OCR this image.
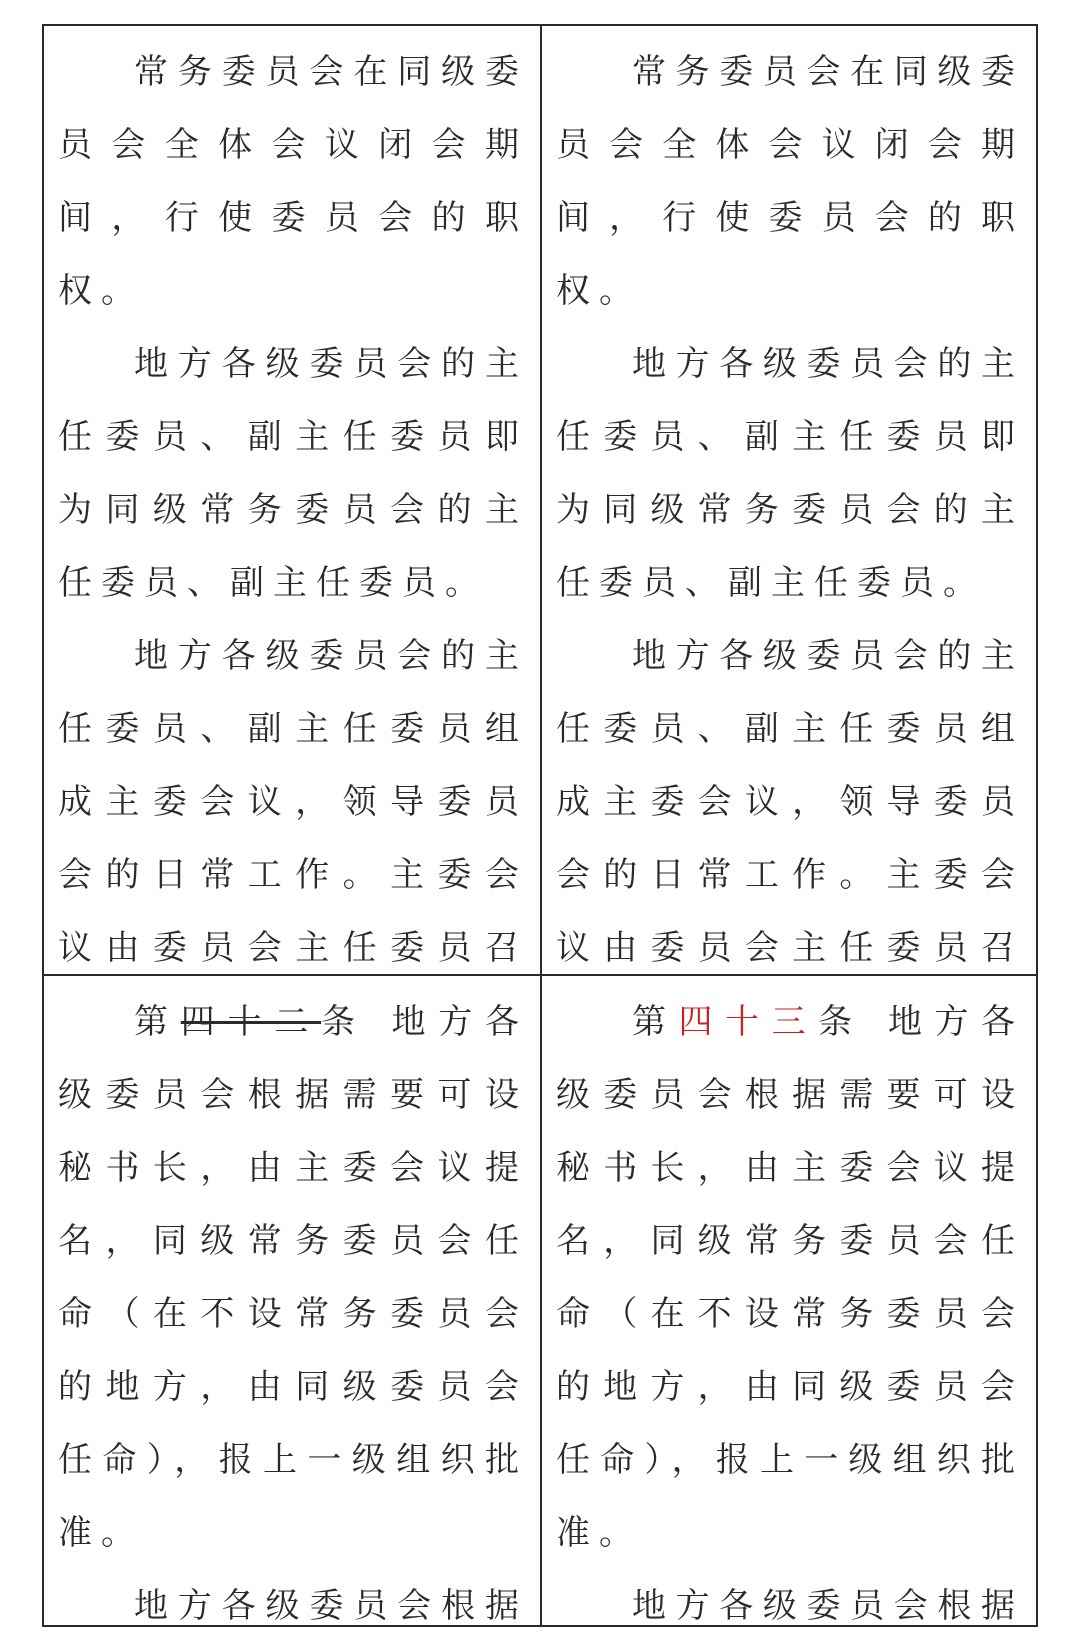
常务委员会在同级委员会全体会议闭会期间，行使委员会的职权。

地方各级委员会的主任委员、副主任委员即为同级常务委员会的主任委员、副主任委员。

地方各级委员会的主任委员、副主任委员组成主委会议，领导委员会的日常工作。主委会议由委员会主任委员召

常务委员会在同级委员会全体会议闭会期间，行使委员会的职权。

地方各级委员会的主任委员、副主任委员即为同级常务委员会的主任委员、副主任委员。

地方各级委员会的主任委员、副主任委员组成主委会议，领导委员会的日常工作。主委会议由委员会主任委员召

第四十二条 地方各级委员会根据需要可设秘书长，由主委会议提名，同级常务委员会任命（在不设常务委员会的地方，由同级委员会任命），报上一级组织批准。

地方各级委员会根据

第四十三条 地方各级委员会根据需要可设秘书长，由主委会议提名，同级常务委员会任命（在不设常务委员会的地方，由同级委员会任命），报上一级组织批准。

地方各级委员会根据
